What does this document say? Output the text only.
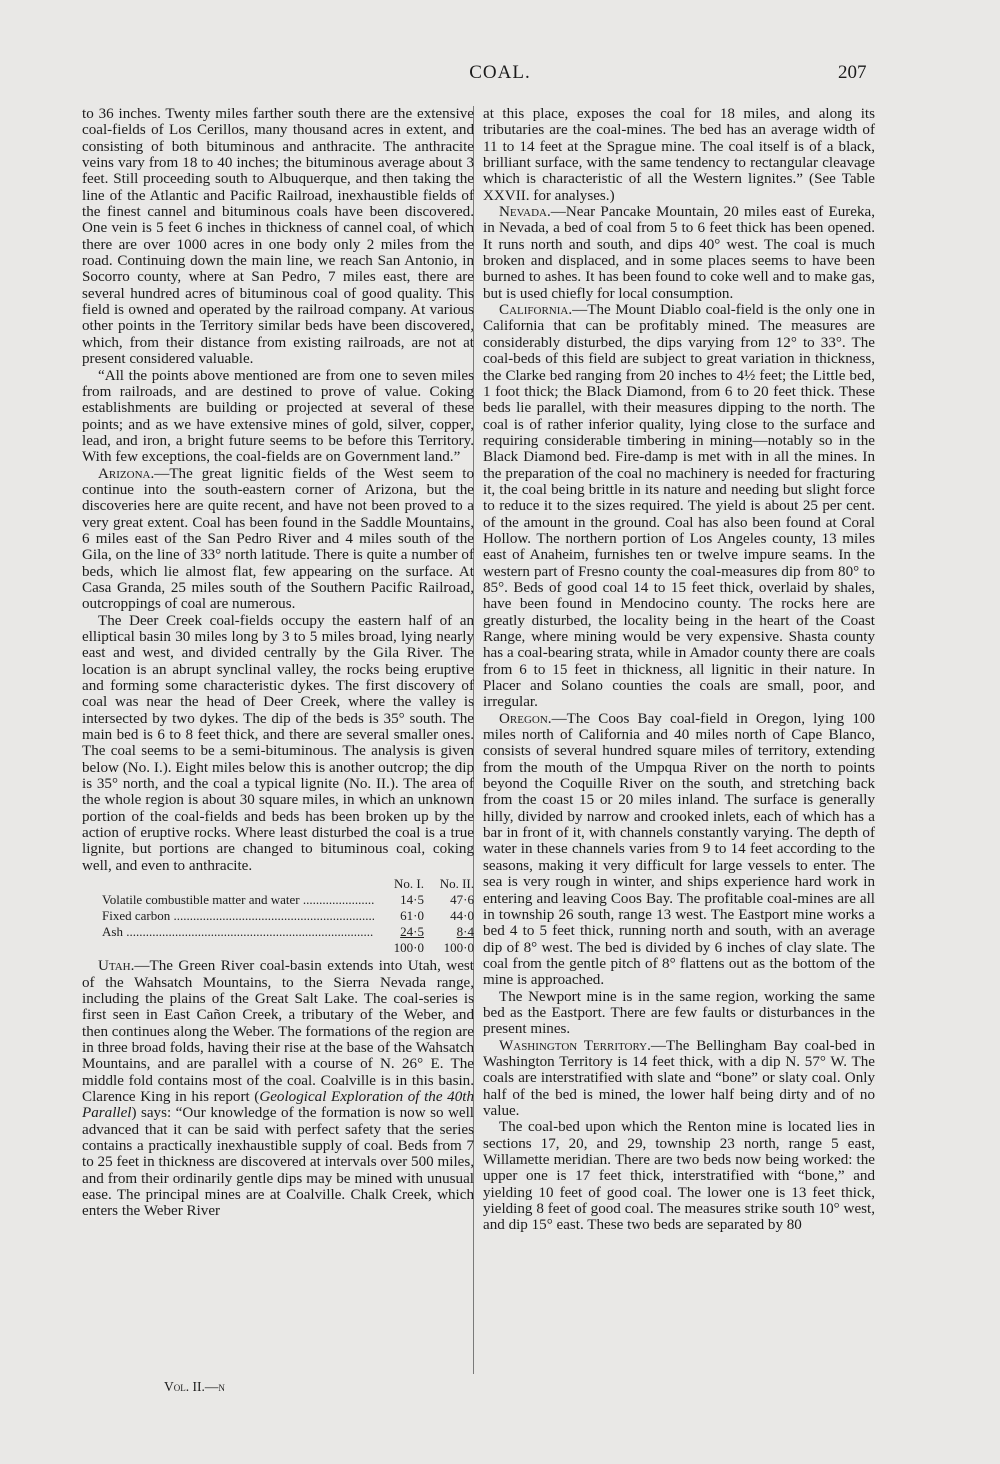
COAL.	207

to 36 inches. Twenty miles farther south there are the extensive coal-fields of Los Cerillos, many thousand acres in extent, and consisting of both bituminous and anthracite. The anthracite veins vary from 18 to 40 inches; the bituminous average about 3 feet. Still proceeding south to Albuquerque, and then taking the line of the Atlantic and Pacific Railroad, inexhaustible fields of the finest cannel and bituminous coals have been discovered. One vein is 5 feet 6 inches in thickness of cannel coal, of which there are over 1000 acres in one body only 2 miles from the road. Continuing down the main line, we reach San Antonio, in Socorro county, where at San Pedro, 7 miles east, there are several hundred acres of bituminous coal of good quality. This field is owned and operated by the railroad company. At various other points in the Territory similar beds have been discovered, which, from their distance from existing railroads, are not at present considered valuable.

“All the points above mentioned are from one to seven miles from railroads, and are destined to prove of value. Coking establishments are building or projected at several of these points; and as we have extensive mines of gold, silver, copper, lead, and iron, a bright future seems to be before this Territory. With few exceptions, the coal-fields are on Government land.”

Arizona.—The great lignitic fields of the West seem to continue into the south-eastern corner of Arizona, but the discoveries here are quite recent, and have not been proved to a very great extent. Coal has been found in the Saddle Mountains, 6 miles east of the San Pedro River and 4 miles south of the Gila, on the line of 33° north latitude. There is quite a number of beds, which lie almost flat, few appearing on the surface. At Casa Granda, 25 miles south of the Southern Pacific Railroad, outcroppings of coal are numerous.

The Deer Creek coal-fields occupy the eastern half of an elliptical basin 30 miles long by 3 to 5 miles broad, lying nearly east and west, and divided centrally by the Gila River. The location is an abrupt synclinal valley, the rocks being eruptive and forming some characteristic dykes. The first discovery of coal was near the head of Deer Creek, where the valley is intersected by two dykes. The dip of the beds is 35° south. The main bed is 6 to 8 feet thick, and there are several smaller ones. The coal seems to be a semi-bituminous. The analysis is given below (No. I.). Eight miles below this is another outcrop; the dip is 35° north, and the coal a typical lignite (No. II.). The area of the whole region is about 30 square miles, in which an unknown portion of the coal-fields and beds has been broken up by the action of eruptive rocks. Where least disturbed the coal is a true lignite, but portions are changed to bituminous coal, coking well, and even to anthracite.

No. I.	No. II.
Volatile combustible matter and water .....	14·5	47·6
Fixed carbon .....	61·0	44·0
Ash .....	24·5	8·4
100·0	100·0

Utah.—The Green River coal-basin extends into Utah, west of the Wahsatch Mountains, to the Sierra Nevada range, including the plains of the Great Salt Lake. The coal-series is first seen in East Cañon Creek, a tributary of the Weber, and then continues along the Weber. The formations of the region are in three broad folds, having their rise at the base of the Wahsatch Mountains, and are parallel with a course of N. 26° E. The middle fold contains most of the coal. Coalville is in this basin. Clarence King in his report (Geological Exploration of the 40th Parallel) says: “Our knowledge of the formation is now so well advanced that it can be said with perfect safety that the series contains a practically inexhaustible supply of coal. Beds from 7 to 25 feet in thickness are discovered at intervals over 500 miles, and from their ordinarily gentle dips may be mined with unusual ease. The principal mines are at Coalville. Chalk Creek, which enters the Weber River

at this place, exposes the coal for 18 miles, and along its tributaries are the coal-mines. The bed has an average width of 11 to 14 feet at the Sprague mine. The coal itself is of a black, brilliant surface, with the same tendency to rectangular cleavage which is characteristic of all the Western lignites.” (See Table XXVII. for analyses.)

Nevada.—Near Pancake Mountain, 20 miles east of Eureka, in Nevada, a bed of coal from 5 to 6 feet thick has been opened. It runs north and south, and dips 40° west. The coal is much broken and displaced, and in some places seems to have been burned to ashes. It has been found to coke well and to make gas, but is used chiefly for local consumption.

California.—The Mount Diablo coal-field is the only one in California that can be profitably mined. The measures are considerably disturbed, the dips varying from 12° to 33°. The coal-beds of this field are subject to great variation in thickness, the Clarke bed ranging from 20 inches to 4½ feet; the Little bed, 1 foot thick; the Black Diamond, from 6 to 20 feet thick. These beds lie parallel, with their measures dipping to the north. The coal is of rather inferior quality, lying close to the surface and requiring considerable timbering in mining—notably so in the Black Diamond bed. Fire-damp is met with in all the mines. In the preparation of the coal no machinery is needed for fracturing it, the coal being brittle in its nature and needing but slight force to reduce it to the sizes required. The yield is about 25 per cent. of the amount in the ground. Coal has also been found at Coral Hollow. The northern portion of Los Angeles county, 13 miles east of Anaheim, furnishes ten or twelve impure seams. In the western part of Fresno county the coal-measures dip from 80° to 85°. Beds of good coal 14 to 15 feet thick, overlaid by shales, have been found in Mendocino county. The rocks here are greatly disturbed, the locality being in the heart of the Coast Range, where mining would be very expensive. Shasta county has a coal-bearing strata, while in Amador county there are coals from 6 to 15 feet in thickness, all lignitic in their nature. In Placer and Solano counties the coals are small, poor, and irregular.

Oregon.—The Coos Bay coal-field in Oregon, lying 100 miles north of California and 40 miles north of Cape Blanco, consists of several hundred square miles of territory, extending from the mouth of the Umpqua River on the north to points beyond the Coquille River on the south, and stretching back from the coast 15 or 20 miles inland. The surface is generally hilly, divided by narrow and crooked inlets, each of which has a bar in front of it, with channels constantly varying. The depth of water in these channels varies from 9 to 14 feet according to the seasons, making it very difficult for large vessels to enter. The sea is very rough in winter, and ships experience hard work in entering and leaving Coos Bay. The profitable coal-mines are all in township 26 south, range 13 west. The Eastport mine works a bed 4 to 5 feet thick, running north and south, with an average dip of 8° west. The bed is divided by 6 inches of clay slate. The coal from the gentle pitch of 8° flattens out as the bottom of the mine is approached.

The Newport mine is in the same region, working the same bed as the Eastport. There are few faults or disturbances in the present mines.

Washington Territory.—The Bellingham Bay coal-bed in Washington Territory is 14 feet thick, with a dip N. 57° W. The coals are interstratified with slate and “bone” or slaty coal. Only half of the bed is mined, the lower half being dirty and of no value.

The coal-bed upon which the Renton mine is located lies in sections 17, 20, and 29, township 23 north, range 5 east, Willamette meridian. There are two beds now being worked: the upper one is 17 feet thick, interstratified with “bone,” and yielding 10 feet of good coal. The lower one is 13 feet thick, yielding 8 feet of good coal. The measures strike south 10° west, and dip 15° east. These two beds are separated by 80

Vol. II.—n
